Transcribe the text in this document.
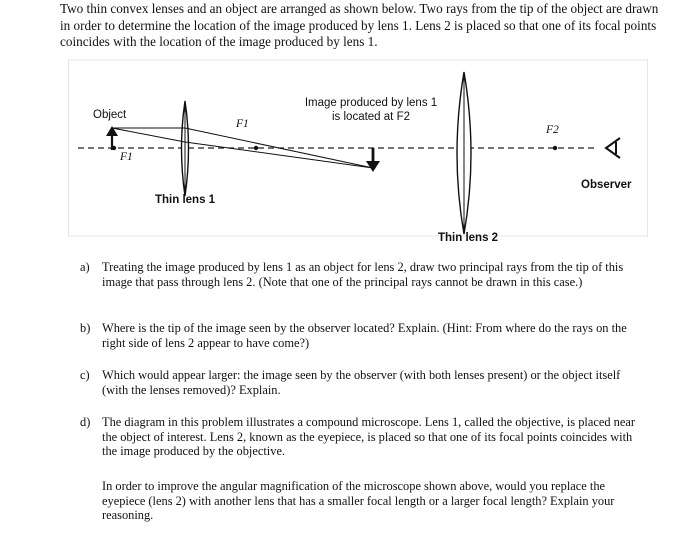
Two thin convex lenses and an object are arranged as shown below. Two rays from the tip of the object are drawn in order to determine the location of the image produced by lens 1. Lens 2 is placed so that one of its focal points coincides with the location of the image produced by lens 1.

Object
F1
F1
Image produced by lens 1
is located at F2
F2
Observer
Thin lens 1
Thin lens 2
a) Treating the image produced by lens 1 as an object for lens 2, draw two principal rays from the tip of this image that pass through lens 2. (Note that one of the principal rays cannot be drawn in this case.)
b) Where is the tip of the image seen by the observer located? Explain. (Hint: From where do the rays on the right side of lens 2 appear to have come?)
c) Which would appear larger: the image seen by the observer (with both lenses present) or the object itself (with the lenses removed)? Explain.
d) The diagram in this problem illustrates a compound microscope. Lens 1, called the objective, is placed near the object of interest. Lens 2, known as the eyepiece, is placed so that one of its focal points coincides with the image produced by the objective.
In order to improve the angular magnification of the microscope shown above, would you replace the eyepiece (lens 2) with another lens that has a smaller focal length or a larger focal length? Explain your reasoning.
